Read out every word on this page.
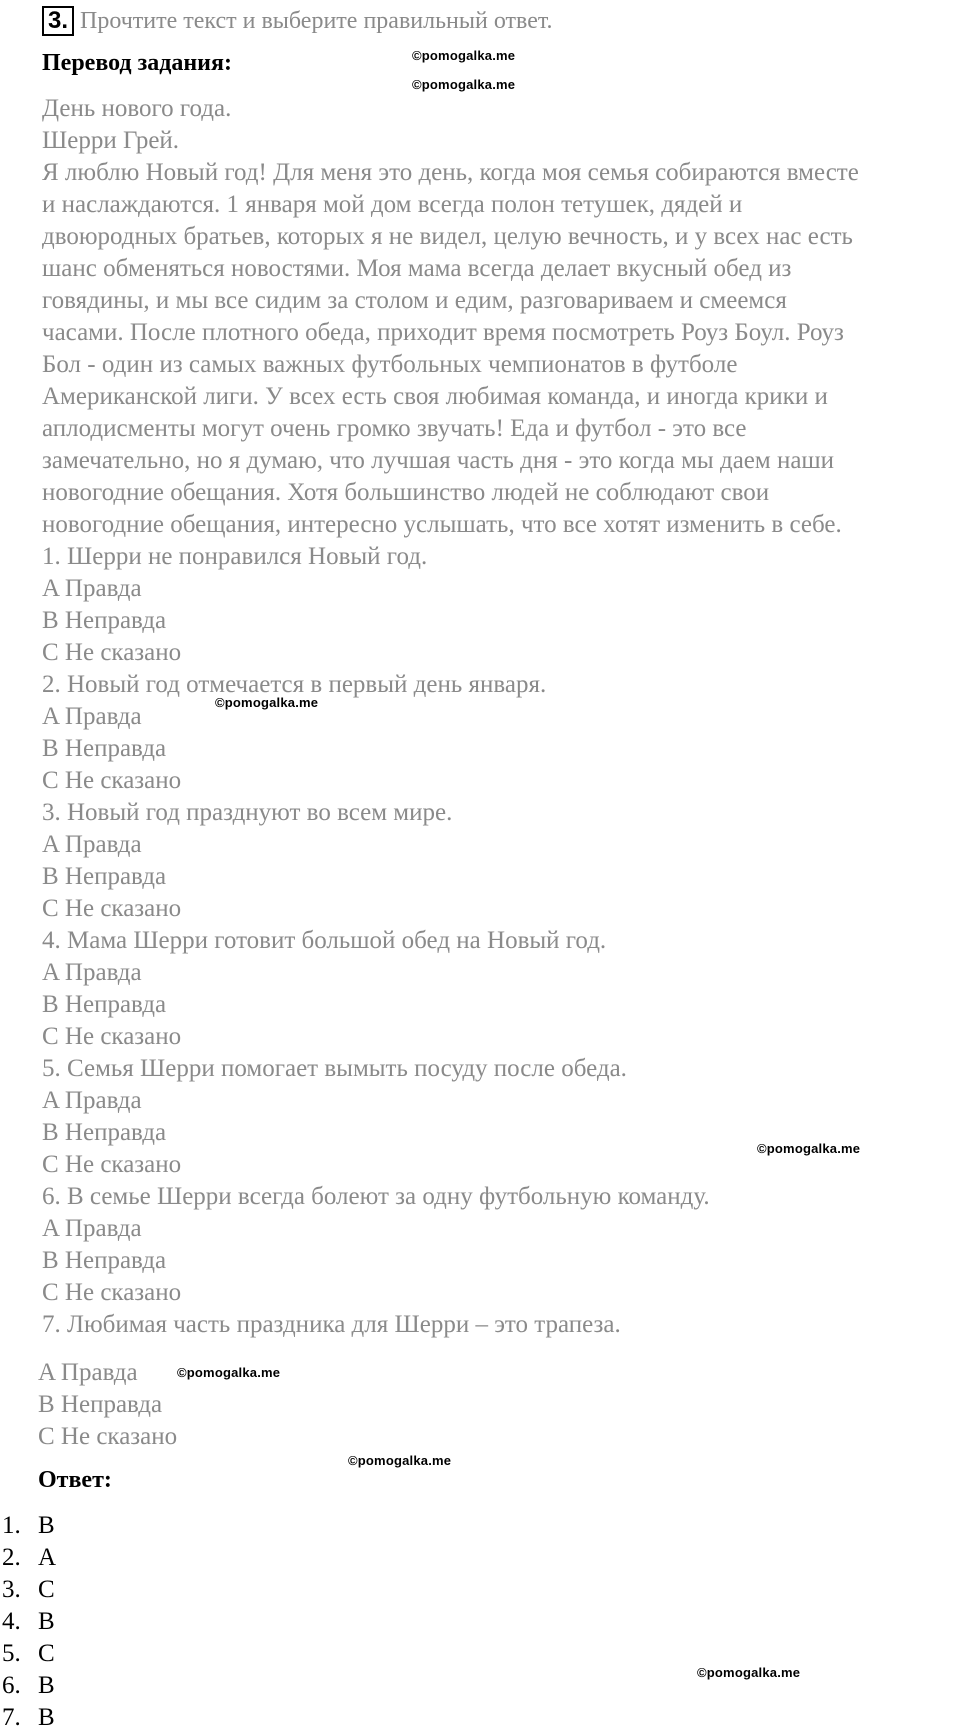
3. Прочтите текст и выберите правильный ответ.
Перевод задания:	©pomogalka.me
©pomogalka.me
День нового года.
Шерри Грей.
Я люблю Новый год! Для меня это день, когда моя семья собираются вместе
и наслаждаются. 1 января мой дом всегда полон тетушек, дядей и
двоюродных братьев, которых я не видел, целую вечность, и у всех нас есть
шанс обменяться новостями. Моя мама всегда делает вкусный обед из
говядины, и мы все сидим за столом и едим, разговариваем и смеемся
часами. После плотного обеда, приходит время посмотреть Роуз Боул. Роуз
Бол - один из самых важных футбольных чемпионатов в футболе
Американской лиги. У всех есть своя любимая команда, и иногда крики и
аплодисменты могут очень громко звучать! Еда и футбол - это все
замечательно, но я думаю, что лучшая часть дня - это когда мы даем наши
новогодние обещания. Хотя большинство людей не соблюдают свои
новогодние обещания, интересно услышать, что все хотят изменить в себе.
1. Шерри не понравился Новый год.
A Правда
B Неправда
C Не сказано
2. Новый год отмечается в первый день января.
©pomogalka.me
A Правда
B Неправда
C Не сказано
3. Новый год празднуют во всем мире.
A Правда
B Неправда
C Не сказано
4. Мама Шерри готовит большой обед на Новый год.
A Правда
B Неправда
C Не сказано
5. Семья Шерри помогает вымыть посуду после обеда.
A Правда
B Неправда
C Не сказано
©pomogalka.me
6. В семье Шерри всегда болеют за одну футбольную команду.
A Правда
B Неправда
C Не сказано
7. Любимая часть праздника для Шерри – это трапеза.
A Правда	©pomogalka.me
B Неправда
C Не сказано
©pomogalka.me
Ответ:
1. B
2. A
3. C
4. B
5. C
6. B
7. B
©pomogalka.me
